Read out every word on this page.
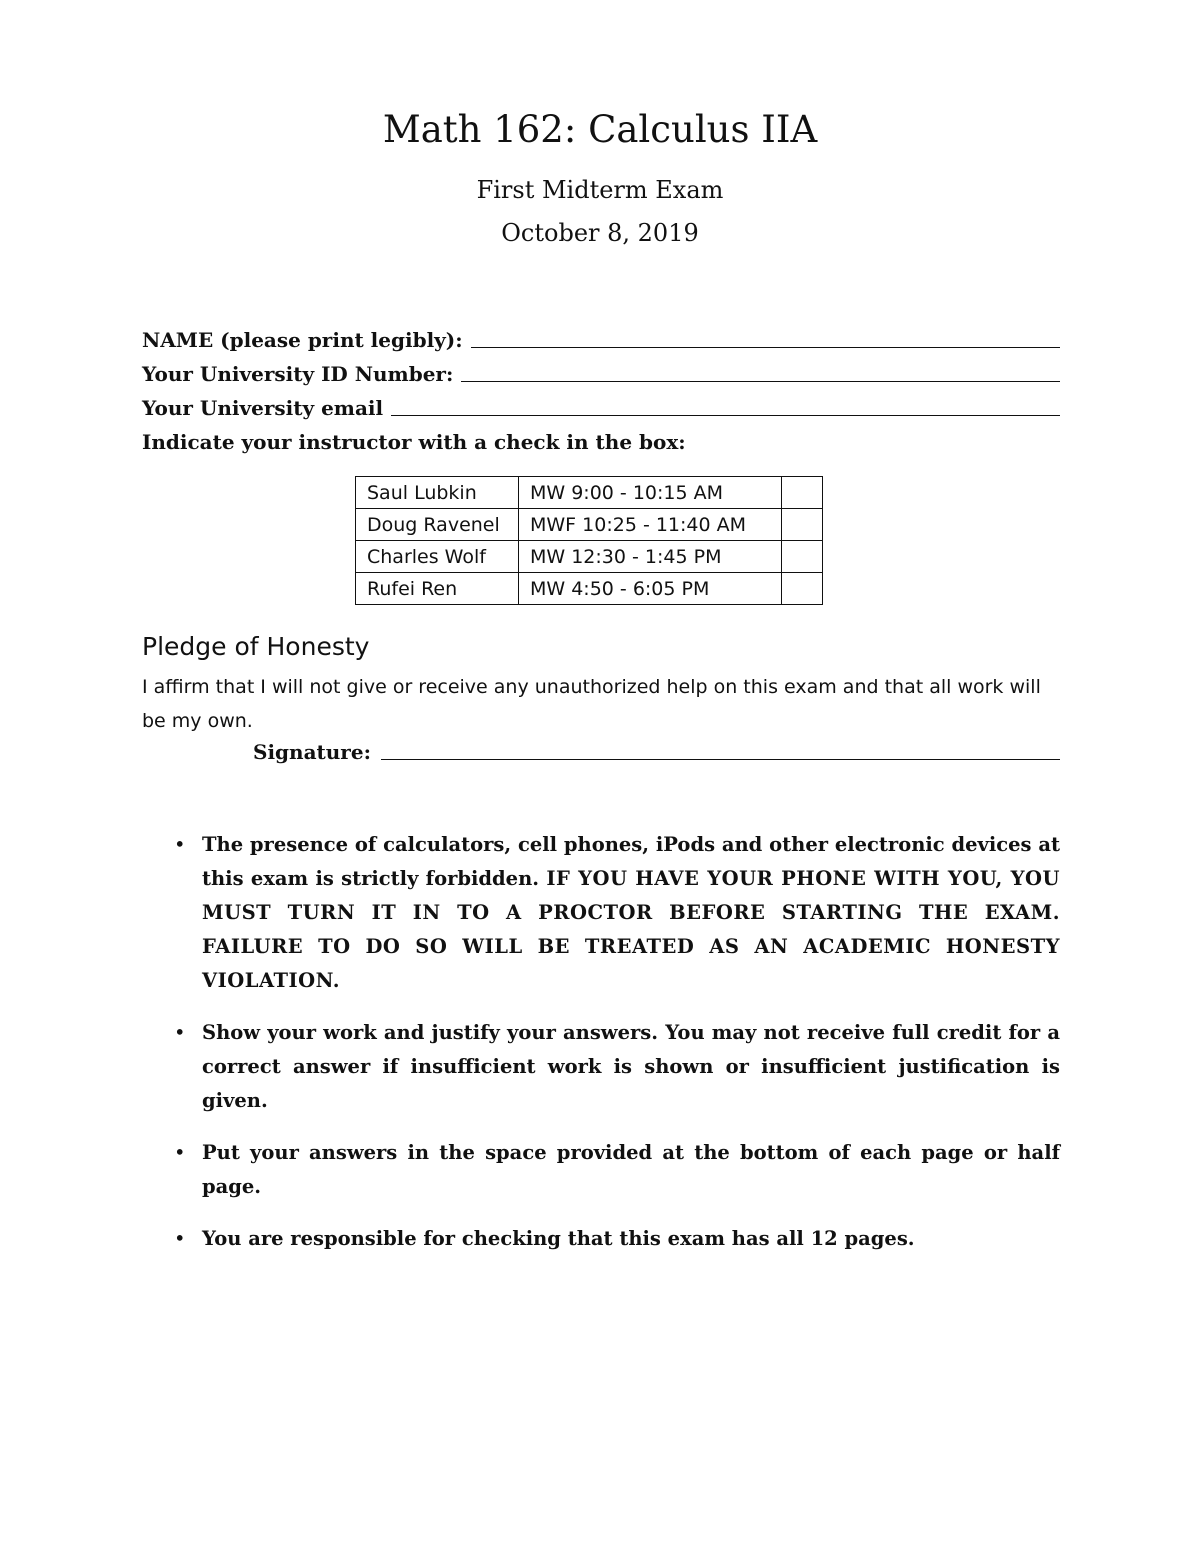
Math 162: Calculus IIA
First Midterm Exam
October 8, 2019
NAME (please print legibly):
Your University ID Number:
Your University email
Indicate your instructor with a check in the box:
Saul Lubkin	MW 9:00 - 10:15 AM	
Doug Ravenel	MWF 10:25 - 11:40 AM	
Charles Wolf	MW 12:30 - 1:45 PM	
Rufei Ren	MW 4:50 - 6:05 PM	
Pledge of Honesty
I affirm that I will not give or receive any unauthorized help on this exam and that all work will be my own.
Signature:
• The presence of calculators, cell phones, iPods and other electronic devices at this exam is strictly forbidden. IF YOU HAVE YOUR PHONE WITH YOU, YOU MUST TURN IT IN TO A PROCTOR BEFORE STARTING THE EXAM. FAILURE TO DO SO WILL BE TREATED AS AN ACADEMIC HONESTY VIOLATION.
• Show your work and justify your answers. You may not receive full credit for a correct answer if insufficient work is shown or insufficient justification is given.
• Put your answers in the space provided at the bottom of each page or half page.
• You are responsible for checking that this exam has all 12 pages.
